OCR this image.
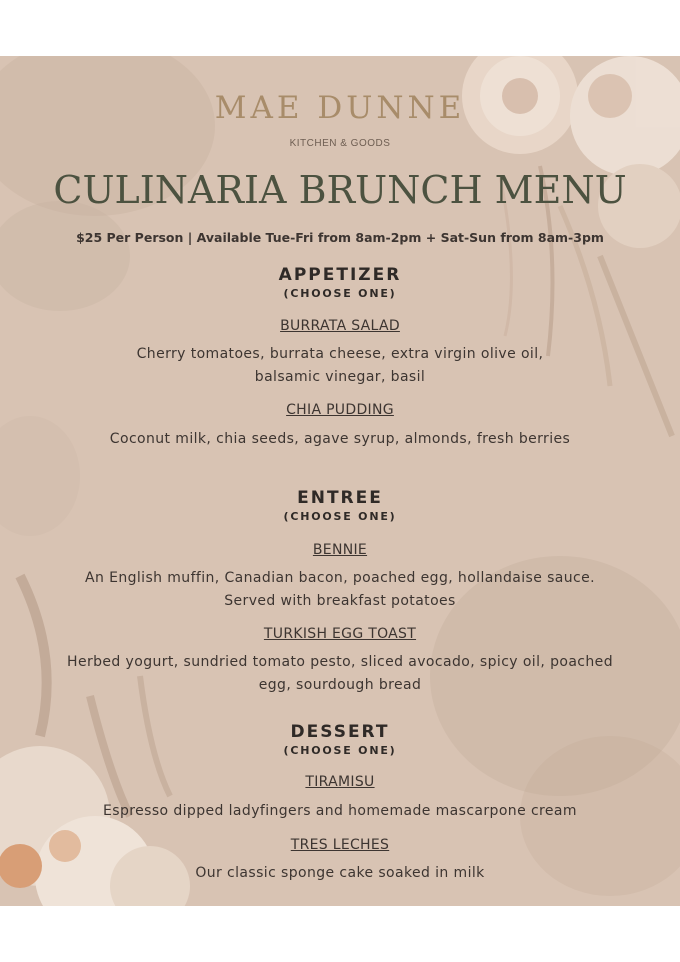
MAE DUNNE
KITCHEN & GOODS
CULINARIA BRUNCH MENU
$25 Per Person | Available Tue-Fri from 8am-2pm + Sat-Sun from 8am-3pm
APPETIZER
(CHOOSE ONE)
BURRATA SALAD
Cherry tomatoes, burrata cheese, extra virgin olive oil,
balsamic vinegar, basil
CHIA PUDDING
Coconut milk, chia seeds, agave syrup, almonds, fresh berries
ENTREE
(CHOOSE ONE)
BENNIE
An English muffin, Canadian bacon, poached egg, hollandaise sauce.
Served with breakfast potatoes
TURKISH EGG TOAST
Herbed yogurt, sundried tomato pesto, sliced avocado, spicy oil, poached
egg, sourdough bread
DESSERT
(CHOOSE ONE)
TIRAMISU
Espresso dipped ladyfingers and homemade mascarpone cream
TRES LECHES
Our classic sponge cake soaked in milk
